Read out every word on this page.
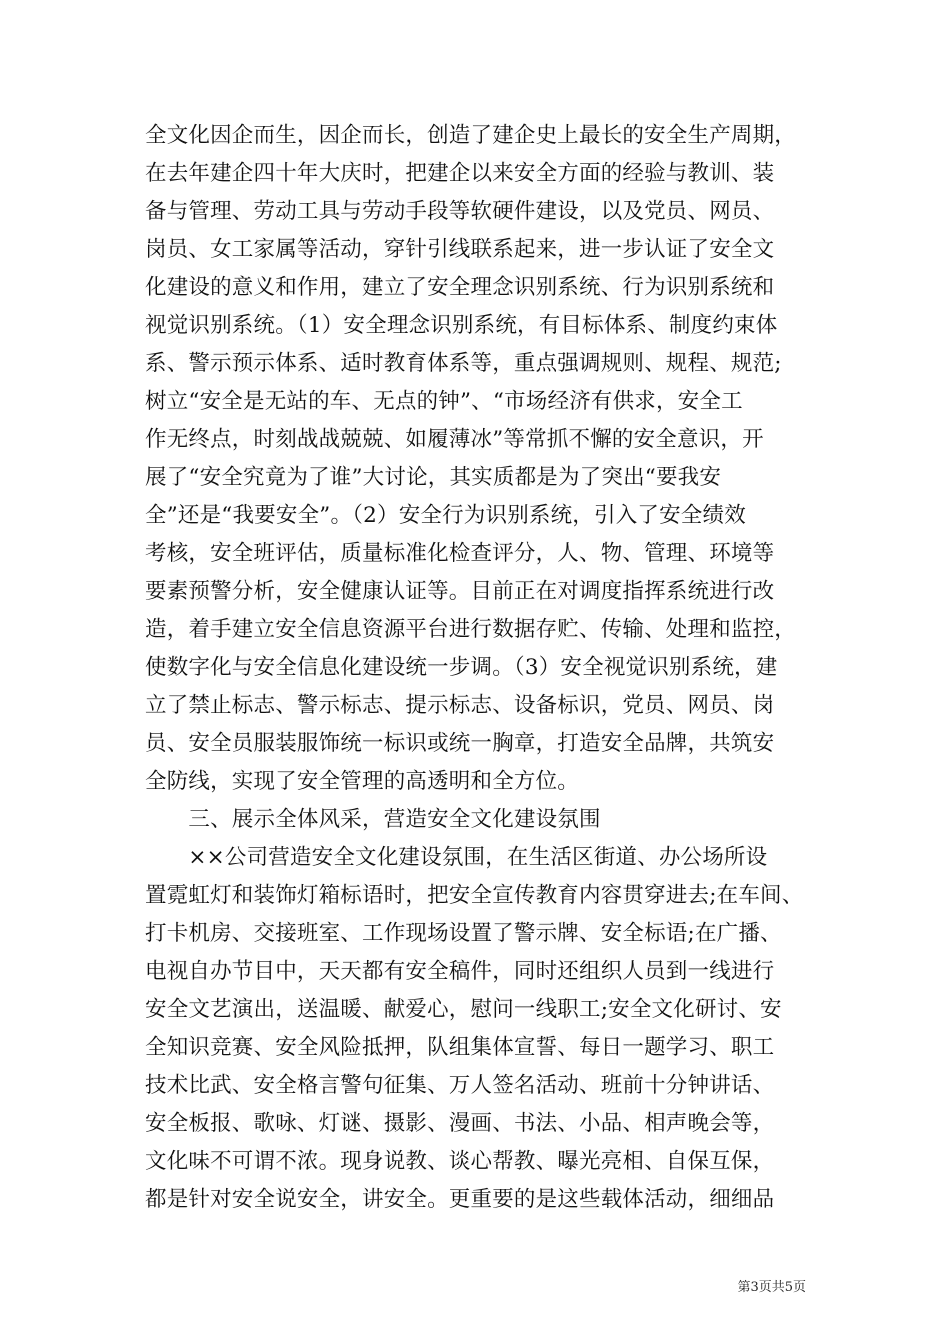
全文化因企而生，因企而长，创造了建企史上最长的安全生产周期，
在去年建企四十年大庆时，把建企以来安全方面的经验与教训、装
备与管理、劳动工具与劳动手段等软硬件建设，以及党员、网员、
岗员、女工家属等活动，穿针引线联系起来，进一步认证了安全文
化建设的意义和作用，建立了安全理念识别系统、行为识别系统和
视觉识别系统。（1）安全理念识别系统，有目标体系、制度约束体
系、警示预示体系、适时教育体系等，重点强调规则、规程、规范;
树立“安全是无站的车、无点的钟”、“市场经济有供求，安全工
作无终点，时刻战战兢兢、如履薄冰”等常抓不懈的安全意识，开
展了“安全究竟为了谁”大讨论，其实质都是为了突出“要我安
全”还是“我要安全”。（2）安全行为识别系统，引入了安全绩效
考核，安全班评估，质量标准化检查评分，人、物、管理、环境等
要素预警分析，安全健康认证等。目前正在对调度指挥系统进行改
造，着手建立安全信息资源平台进行数据存贮、传输、处理和监控，
使数字化与安全信息化建设统一步调。（3）安全视觉识别系统，建
立了禁止标志、警示标志、提示标志、设备标识，党员、网员、岗
员、安全员服装服饰统一标识或统一胸章，打造安全品牌，共筑安
全防线，实现了安全管理的高透明和全方位。
　　三、展示全体风采，营造安全文化建设氛围
　　××公司营造安全文化建设氛围，在生活区街道、办公场所设
置霓虹灯和装饰灯箱标语时，把安全宣传教育内容贯穿进去;在车间、
打卡机房、交接班室、工作现场设置了警示牌、安全标语;在广播、
电视自办节目中，天天都有安全稿件，同时还组织人员到一线进行
安全文艺演出，送温暖、献爱心，慰问一线职工;安全文化研讨、安
全知识竞赛、安全风险抵押，队组集体宣誓、每日一题学习、职工
技术比武、安全格言警句征集、万人签名活动、班前十分钟讲话、
安全板报、歌咏、灯谜、摄影、漫画、书法、小品、相声晚会等，
文化味不可谓不浓。现身说教、谈心帮教、曝光亮相、自保互保，
都是针对安全说安全，讲安全。更重要的是这些载体活动，细细品
第3页共5页
